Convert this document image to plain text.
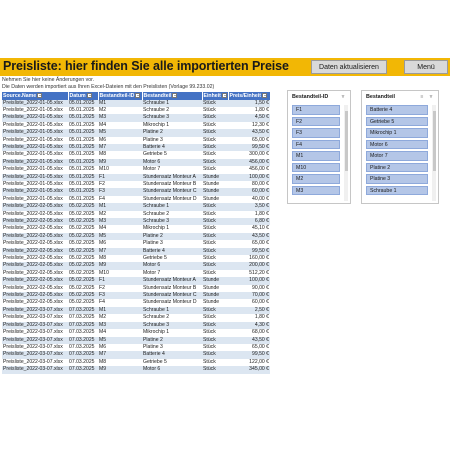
Preisliste: hier finden Sie alle importierten Preise	Daten aktualisieren	Menü
Nehmen Sie hier keine Änderungen vor.
Die Daten werden importiert aus Ihren Excel-Dateien mit den Preislisten (Vorlage 99.233.02)
Source.Name	Datum	Bestandteil-ID	Bestandteil	Einheit	Preis/Einheit
Preisliste_2022-01-05.xlsx	05.01.2025	M1	Schraube 1	Stück	1,50 €
Preisliste_2022-01-05.xlsx	05.01.2025	M2	Schraube 2	Stück	1,80 €
Preisliste_2022-01-05.xlsx	05.01.2025	M3	Schraube 3	Stück	4,50 €
Preisliste_2022-01-05.xlsx	05.01.2025	M4	Mikrochip 1	Stück	12,30 €
Preisliste_2022-01-05.xlsx	05.01.2025	M5	Platine 2	Stück	43,50 €
Preisliste_2022-01-05.xlsx	05.01.2025	M6	Platine 3	Stück	65,00 €
Preisliste_2022-01-05.xlsx	05.01.2025	M7	Batterie 4	Stück	99,50 €
Preisliste_2022-01-05.xlsx	05.01.2025	M8	Getriebe 5	Stück	300,00 €
Preisliste_2022-01-05.xlsx	05.01.2025	M9	Motor 6	Stück	456,00 €
Preisliste_2022-01-05.xlsx	05.01.2025	M10	Motor 7	Stück	456,00 €
Preisliste_2022-01-05.xlsx	05.01.2025	F1	Stundensatz Monteur A	Stunde	100,00 €
Preisliste_2022-01-05.xlsx	05.01.2025	F2	Stundensatz Monteur B	Stunde	80,00 €
Preisliste_2022-01-05.xlsx	05.01.2025	F3	Stundensatz Monteur C	Stunde	60,00 €
Preisliste_2022-01-05.xlsx	05.01.2025	F4	Stundensatz Monteur D	Stunde	40,00 €
Preisliste_2022-02-05.xlsx	05.02.2025	M1	Schraube 1	Stück	3,50 €
Preisliste_2022-02-05.xlsx	05.02.2025	M2	Schraube 2	Stück	1,80 €
Preisliste_2022-02-05.xlsx	05.02.2025	M3	Schraube 3	Stück	6,80 €
Preisliste_2022-02-05.xlsx	05.02.2025	M4	Mikrochip 1	Stück	45,10 €
Preisliste_2022-02-05.xlsx	05.02.2025	M5	Platine 2	Stück	43,50 €
Preisliste_2022-02-05.xlsx	05.02.2025	M6	Platine 3	Stück	65,00 €
Preisliste_2022-02-05.xlsx	05.02.2025	M7	Batterie 4	Stück	99,50 €
Preisliste_2022-02-05.xlsx	05.02.2025	M8	Getriebe 5	Stück	160,00 €
Preisliste_2022-02-05.xlsx	05.02.2025	M9	Motor 6	Stück	200,00 €
Preisliste_2022-02-05.xlsx	05.02.2025	M10	Motor 7	Stück	512,20 €
Preisliste_2022-02-05.xlsx	05.02.2025	F1	Stundensatz Monteur A	Stunde	100,00 €
Preisliste_2022-02-05.xlsx	05.02.2025	F2	Stundensatz Monteur B	Stunde	90,00 €
Preisliste_2022-02-05.xlsx	05.02.2025	F3	Stundensatz Monteur C	Stunde	70,00 €
Preisliste_2022-02-05.xlsx	05.02.2025	F4	Stundensatz Monteur D	Stunde	60,00 €
Preisliste_2022-03-07.xlsx	07.03.2025	M1	Schraube 1	Stück	2,50 €
Preisliste_2022-03-07.xlsx	07.03.2025	M2	Schraube 2	Stück	1,80 €
Preisliste_2022-03-07.xlsx	07.03.2025	M3	Schraube 3	Stück	4,30 €
Preisliste_2022-03-07.xlsx	07.03.2025	M4	Mikrochip 1	Stück	68,00 €
Preisliste_2022-03-07.xlsx	07.03.2025	M5	Platine 2	Stück	43,50 €
Preisliste_2022-03-07.xlsx	07.03.2025	M6	Platine 3	Stück	65,00 €
Preisliste_2022-03-07.xlsx	07.03.2025	M7	Batterie 4	Stück	99,50 €
Preisliste_2022-03-07.xlsx	07.03.2025	M8	Getriebe 5	Stück	122,00 €
Preisliste_2022-03-07.xlsx	07.03.2025	M9	Motor 6	Stück	345,00 €
Bestandteil-ID	▿
F1
F2
F3
F4
M1
M10
M2
M3
Bestandteil	≡	▿
Batterie 4
Getriebe 5
Mikrochip 1
Motor 6
Motor 7
Platine 2
Platine 3
Schraube 1
